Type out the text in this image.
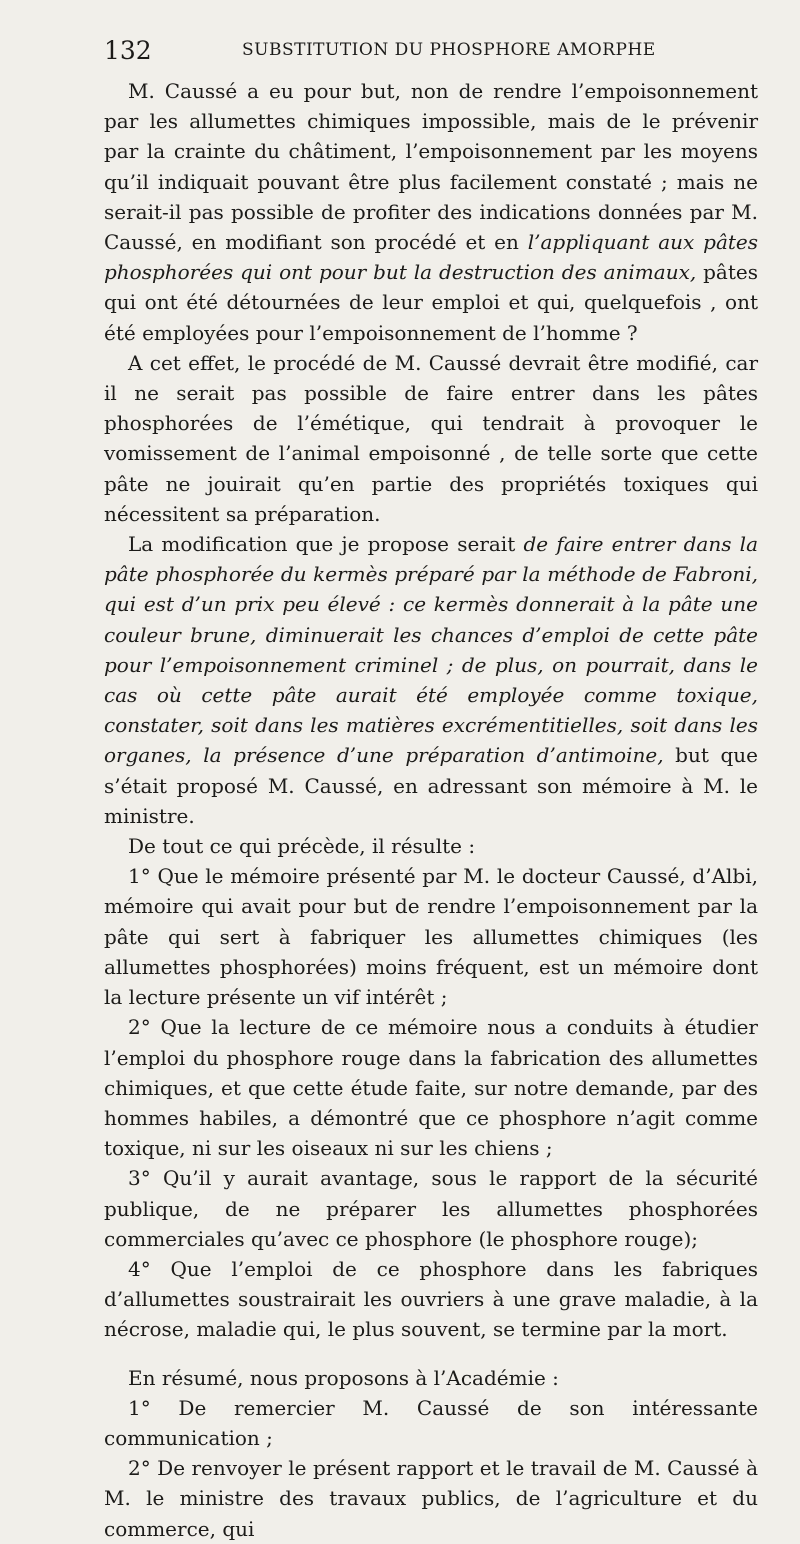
132	SUBSTITUTION DU PHOSPHORE AMORPHE

M. Caussé a eu pour but, non de rendre l’empoisonnement par les allumettes chimiques impossible, mais de le prévenir par la crainte du châtiment, l’empoisonnement par les moyens qu’il indiquait pouvant être plus facilement constaté ; mais ne serait-il pas possible de profiter des indications données par M. Caussé, en modifiant son procédé et en l’appliquant aux pâtes phosphorées qui ont pour but la destruction des animaux, pâtes qui ont été détournées de leur emploi et qui, quelquefois , ont été employées pour l’empoisonnement de l’homme ?

A cet effet, le procédé de M. Caussé devrait être modifié, car il ne serait pas possible de faire entrer dans les pâtes phosphorées de l’émétique, qui tendrait à provoquer le vomissement de l’animal empoisonné , de telle sorte que cette pâte ne jouirait qu’en partie des propriétés toxiques qui nécessitent sa préparation.

La modification que je propose serait de faire entrer dans la pâte phosphorée du kermès préparé par la méthode de Fabroni, qui est d’un prix peu élevé : ce kermès donnerait à la pâte une couleur brune, diminuerait les chances d’emploi de cette pâte pour l’empoisonnement criminel ; de plus, on pourrait, dans le cas où cette pâte aurait été employée comme toxique, constater, soit dans les matières excrémentitielles, soit dans les organes, la présence d’une préparation d’antimoine, but que s’était proposé M. Caussé, en adressant son mémoire à M. le ministre.

De tout ce qui précède, il résulte :

1° Que le mémoire présenté par M. le docteur Caussé, d’Albi, mémoire qui avait pour but de rendre l’empoisonnement par la pâte qui sert à fabriquer les allumettes chimiques (les allumettes phosphorées) moins fréquent, est un mémoire dont la lecture présente un vif intérêt ;

2° Que la lecture de ce mémoire nous a conduits à étudier l’emploi du phosphore rouge dans la fabrication des allumettes chimiques, et que cette étude faite, sur notre demande, par des hommes habiles, a démontré que ce phosphore n’agit comme toxique, ni sur les oiseaux ni sur les chiens ;

3° Qu’il y aurait avantage, sous le rapport de la sécurité publique, de ne préparer les allumettes phosphorées commerciales qu’avec ce phosphore (le phosphore rouge);

4° Que l’emploi de ce phosphore dans les fabriques d’allumettes soustrairait les ouvriers à une grave maladie, à la nécrose, maladie qui, le plus souvent, se termine par la mort.

En résumé, nous proposons à l’Académie :

1° De remercier M. Caussé de son intéressante communication ;

2° De renvoyer le présent rapport et le travail de M. Caussé à M. le ministre des travaux publics, de l’agriculture et du commerce, qui
